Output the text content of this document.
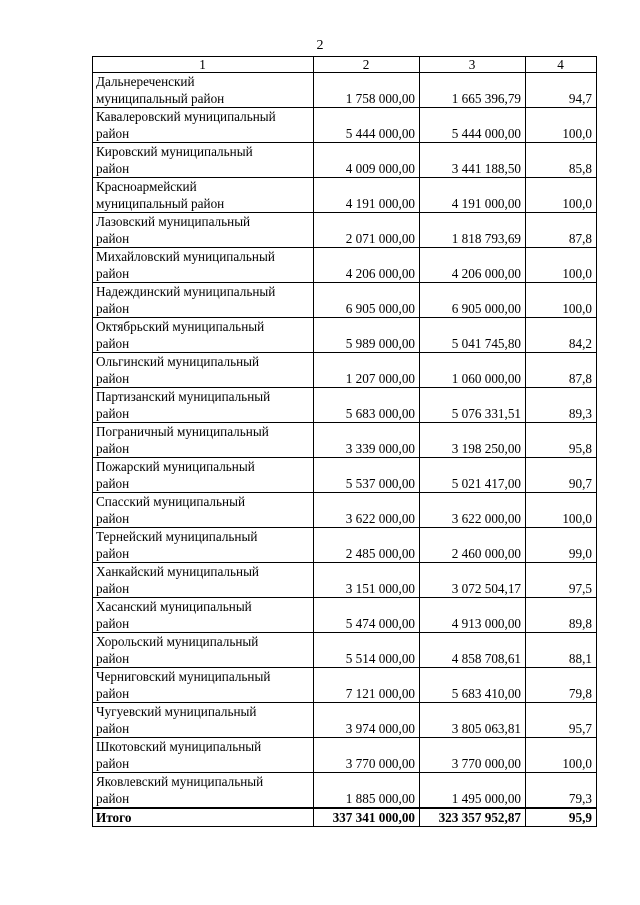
2
1	2	3	4

Дальнереченский
муниципальный район	1 758 000,00	1 665 396,79	94,7

Кавалеровский муниципальный
район	5 444 000,00	5 444 000,00	100,0

Кировский муниципальный
район	4 009 000,00	3 441 188,50	85,8

Красноармейский
муниципальный район	4 191 000,00	4 191 000,00	100,0

Лазовский муниципальный
район	2 071 000,00	1 818 793,69	87,8

Михайловский муниципальный
район	4 206 000,00	4 206 000,00	100,0

Надеждинский муниципальный
район	6 905 000,00	6 905 000,00	100,0

Октябрьский муниципальный
район	5 989 000,00	5 041 745,80	84,2

Ольгинский муниципальный
район	1 207 000,00	1 060 000,00	87,8

Партизанский муниципальный
район	5 683 000,00	5 076 331,51	89,3

Пограничный муниципальный
район	3 339 000,00	3 198 250,00	95,8

Пожарский муниципальный
район	5 537 000,00	5 021 417,00	90,7

Спасский муниципальный
район	3 622 000,00	3 622 000,00	100,0

Тернейский муниципальный
район	2 485 000,00	2 460 000,00	99,0

Ханкайский муниципальный
район	3 151 000,00	3 072 504,17	97,5

Хасанский муниципальный
район	5 474 000,00	4 913 000,00	89,8

Хорольский муниципальный
район	5 514 000,00	4 858 708,61	88,1

Черниговский муниципальный
район	7 121 000,00	5 683 410,00	79,8

Чугуевский муниципальный
район	3 974 000,00	3 805 063,81	95,7

Шкотовский муниципальный
район	3 770 000,00	3 770 000,00	100,0

Яковлевский муниципальный
район	1 885 000,00	1 495 000,00	79,3
Итого	337 341 000,00	323 357 952,87	95,9
